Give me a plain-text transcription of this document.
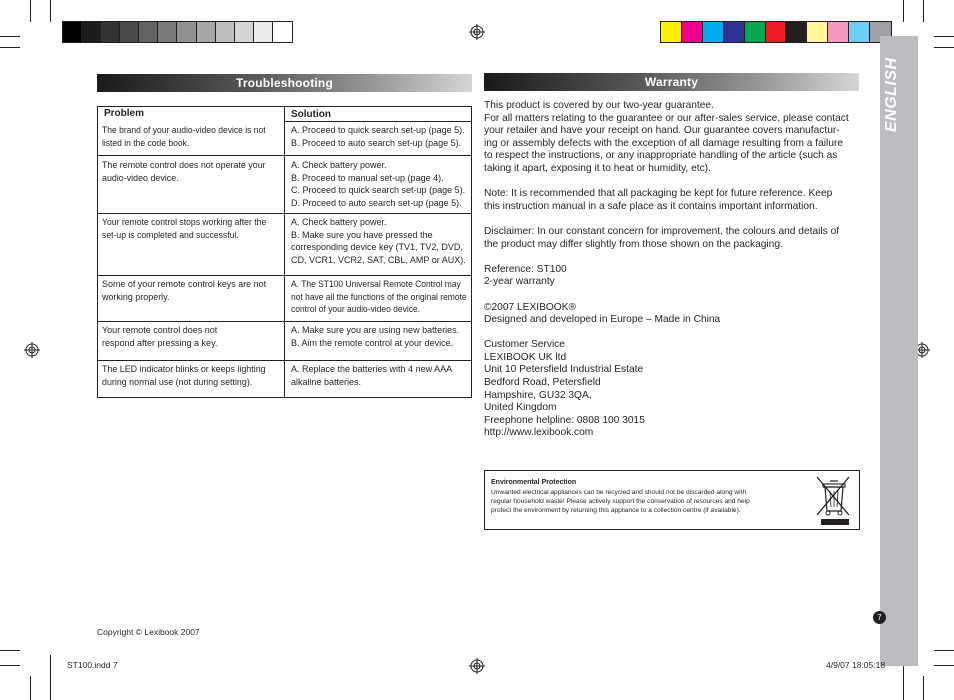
ENGLISH
7
Troubleshooting
Problem	Solution
The brand of your audio-video device is not
listed in the code book.
A. Proceed to quick search set-up (page 5).
B. Proceed to auto search set-up (page 5).
The remote control does not operate your
audio-video device.
A. Check battery power.
B. Proceed to manual set-up (page 4).
C. Proceed to quick search set-up (page 5).
D. Proceed to auto search set-up (page 5).
Your remote control stops working after the
set-up is completed and successful.
A. Check battery power.
B. Make sure you have pressed the
corresponding device key (TV1, TV2, DVD,
CD, VCR1, VCR2, SAT, CBL, AMP or AUX).
Some of your remote control keys are not
working properly.
A. The ST100 Universal Remote Control may
not have all the functions of the original remote
control of your audio-video device.
Your remote control does not
respond after pressing a key.
A. Make sure you are using new batteries.
B. Aim the remote control at your device.
The LED indicator blinks or keeps lighting
during normal use (not during setting).
A. Replace the batteries with 4 new AAA
alkaline batteries.
Warranty

This product is covered by our two-year guarantee.
For all matters relating to the guarantee or our after-sales service, please contact
your retailer and have your receipt on hand. Our guarantee covers manufactur-
ing or assembly defects with the exception of all damage resulting from a failure
to respect the instructions, or any inappropriate handling of the article (such as
taking it apart, exposing it to heat or humidity, etc).

Note: It is recommended that all packaging be kept for future reference. Keep
this instruction manual in a safe place as it contains important information.

Disclaimer: In our constant concern for improvement, the colours and details of
the product may differ slightly from those shown on the packaging.

Reference: ST100
2-year warranty

©2007 LEXIBOOK®
Designed and developed in Europe – Made in China

Customer Service
LEXIBOOK UK ltd
Unit 10 Petersfield Industrial Estate
Bedford Road, Petersfield
Hampshire, GU32 3QA,
United Kingdom
Freephone helpline: 0808 100 3015
http://www.lexibook.com

Environmental Protection
Unwanted electrical appliances can be recycled and should not be discarded along with
regular household waste! Please actively support the conservation of resources and help
protect the environment by returning this appliance to a collection centre (if available).
Copyright © Lexibook 2007
ST100.indd 7	4/9/07 18:05:18
